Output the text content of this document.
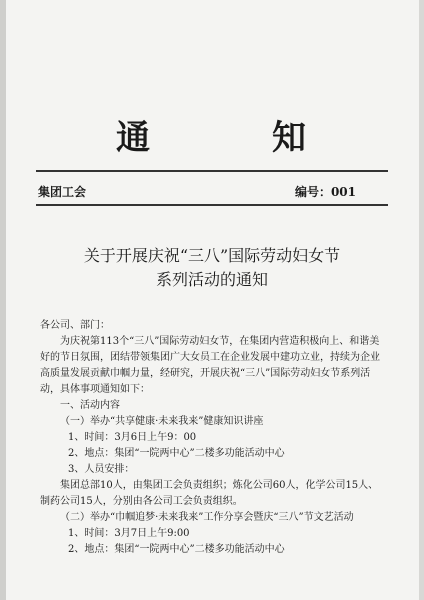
通	知
集团工会	编号：001
关于开展庆祝“三八”国际劳动妇女节
系列活动的通知

各公司、部门：

为庆祝第113个“三八”国际劳动妇女节，在集团内营造积极向上、和谐美好的节日氛围，团结带领集团广大女员工在企业发展中建功立业，持续为企业高质量发展贡献巾帼力量，经研究，开展庆祝“三八”国际劳动妇女节系列活动，具体事项通知如下：

一、活动内容

（一）举办“共享健康·未来我来”健康知识讲座

1、时间：3月6日上午9：00

2、地点：集团“一院两中心”二楼多功能活动中心

3、人员安排：

集团总部10人，由集团工会负责组织；炼化公司60人，化学公司15人、制药公司15人，分别由各公司工会负责组织。

（二）举办“巾帼追梦·未来我来”工作分享会暨庆“三八”节文艺活动

1、时间：3月7日上午9:00

2、地点：集团“一院两中心”二楼多功能活动中心
